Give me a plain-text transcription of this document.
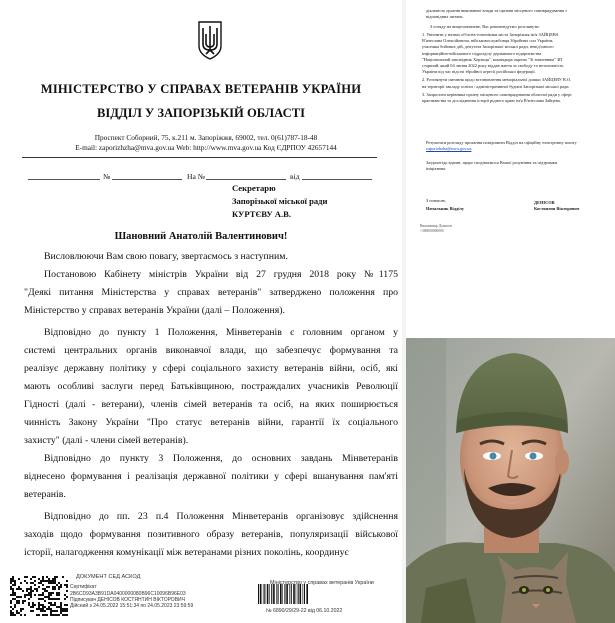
МІНІСТЕРСТВО У СПРАВАХ ВЕТЕРАНІВ УКРАЇНИ
ВІДДІЛ У ЗАПОРІЗЬКІЙ ОБЛАСТІ
Проспект Соборний, 75, к.211 м. Запоріжжя, 69002, тел. 0(61)787-18-48
E-mail: zaporizhzha@mva.gov.ua Web: http://www.mva.gov.ua Код ЄДРПОУ 42657144
№	На №	від
Секретарю
Запорізької міської ради
КУРТЄВУ А.В.
Шановний Анатолій Валентинович!
Висловлюючи Вам свою повагу, звертаємось з наступним.
Постановою Кабінету міністрів України від 27 грудня 2018 року №1175
"Деякі питання Міністерства у справах ветеранів" затверджено положення про
Міністерство у справах ветеранів України (далі – Положення).
Відповідно до пункту 1 Положення, Мінветеранів є головним органом у
системі центральних органів виконавчої влади, що забезпечує формування та
реалізує державну політику у сфері соціального захисту ветеранів війни, осіб, які
мають особливі заслуги перед Батьківщиною, постраждалих учасників Революції
Гідності (далі - ветерани), членів сімей ветеранів та осіб, на яких поширюється
чинність Закону України "Про статус ветеранів війни, гарантії їх соціального
захисту" (далі - члени сімей ветеранів).
Відповідно до пункту 3 Положення, до основних завдань Мінветеранів
віднесено формування і реалізація державної політики у сфері вшанування пам'яті
ветеранів.
Відповідно до пп. 23 п.4 Положення Мінветеранів організовує здійснення
заходів щодо формування позитивного образу ветеранів, популяризації військової
історії, налагодження комунікації між ветеранами різних поколінь, координує
ДОКУМЕНТ СЕД АСКОД
Сертифікат
2B6CD93A3B91DA0400000080B96C10096B96E03
Підписувач ДЕНІСОВ КОСТЯНТИН ВІКТОРОВИЧ
Дійсний з 24.05.2022 15:51:34 по 24.05.2023 23:59:59
Міністерство у справах ветеранів України
№ 6890/29/29-22 від 06.10.2022
діяльність органів виконавчої влади та органів місцевого самоврядування з
відповідних питань.
З огляду на вищезазначене, Вас рекомендуємо розглянути:
1. Увічнити у назвах об'єктів топоніміки міста Запоріжжя ім'я ЗАЙЦЕВА
В'ячеслава Олексійовича, військовослужбовця Збройних сил України,
учасника бойових дій, депутата Запорізької міської ради, невід'ємного
інформаційно-військового підрозділу державного підприємства
"Національний заповідник Хортиця", командира окремо "Зі значенням" ЗП
старший, який 04 липня 2022 року віддав життя за свободу та незалежність
України під час відсічі збройної агресії російської федерації.
2. Розглянути питання щодо встановлення меморіальної дошки ЗАЙЦЕВУ В.О.
на території закладу освіти / адміністративної будівлі Запорізької міської ради.
3. Запросити керівника органу місцевого самоврядування обласної ради у сфері
краєзнавства та дослідження історії рідного краю ім'я В'ячеслава Зайцева.
Результати розгляду прохання повідомити Відділ на офіційну електронну пошту
zaporizhzha@mva.gov.ua
Заздалегідь вдячні, щиро сподіваємося Вашої розуміння та підтримки
ініціативи.
З повагою,
Начальник Відділу
ДЕНІСОВ
Костянтин Вікторович
Виконавець Денисов
+380000000000
